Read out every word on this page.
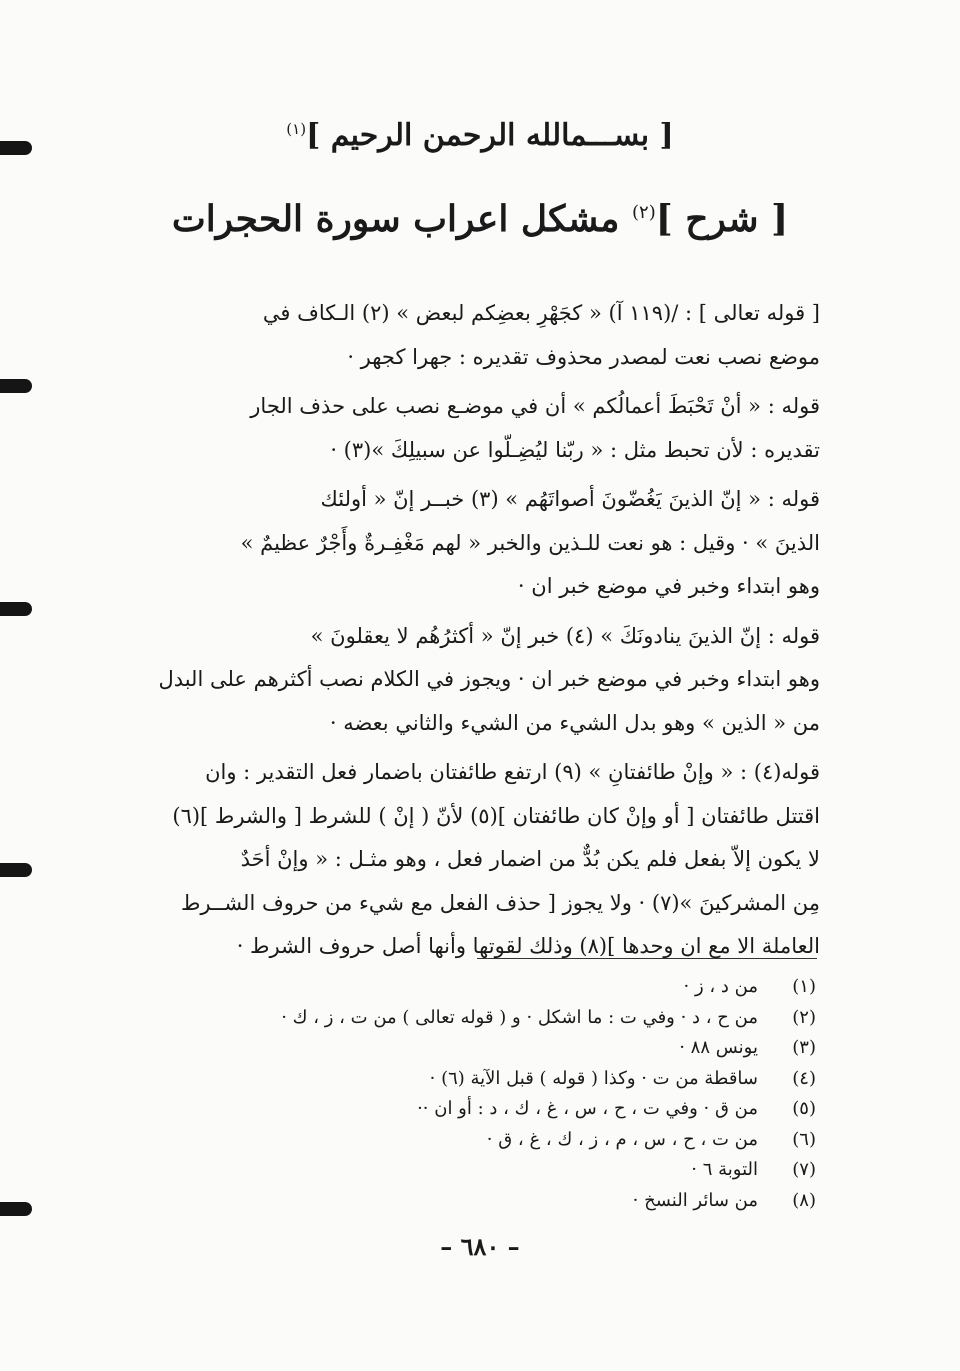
[ بســـمالله الرحمن الرحيم ]$^{(١)}$
[ شرح ]$^{(٢)}$ مشكل اعراب سورة الحجرات
[ قوله تعالى ] : /(١١٩ آ) « كجَهْرِ بعضِكم لبعض » (٢) الـكاف في
موضع نصب نعت لمصدر محذوف تقديره : جهرا كجهر ·
قوله : « أنْ تَحْبَطَ أعمالُكم » أن في موضـع نصب على حذف الجار
تقديره : لأن تحبط مثل : « ربّنا ليُضِـلّوا عن سبيلِكَ »(٣) ·
قوله : « إنّ الذينَ يَغُضّونَ أصواتَهُم » (٣) خبــر إنّ « أولئك
الذينَ » · وقيل : هو نعت للـذين والخبر « لهم مَغْفِـرةٌ وأَجْرٌ عظيمٌ »
وهو ابتداء وخبر في موضع خبر ان ·
قوله : إنّ الذينَ ينادونَكَ » (٤) خبر إنّ « أكثرُهُم لا يعقلونَ »
وهو ابتداء وخبر في موضع خبر ان · ويجوز في الكلام نصب أكثرهم على البدل
من « الذين » وهو بدل الشيء من الشيء والثاني بعضه ·
قوله(٤) : « وإنْ طائفتانِ » (٩) ارتفع طائفتان باضمار فعل التقدير : وان
اقتتل طائفتان [ أو وإنْ كان طائفتان ](٥) لأنّ ( إنْ ) للشرط [ والشرط ](٦)
لا يكون إلاّ بفعل فلم يكن بُدٌّ من اضمار فعل ، وهو مثـل : « وإنْ أحَدٌ
مِن المشركينَ »(٧) · ولا يجوز [ حذف الفعل مع شيء من حروف الشــرط
العاملة الا مع ان وحدها ](٨) وذلك لقوتها وأنها أصل حروف الشرط ·
(١)
من د ، ز ·
(٢)
من ح ، د · وفي ت : ما اشكل · و ( قوله تعالى ) من ت ، ز ، ك ·
(٣)
يونس ٨٨ ·
(٤)
ساقطة من ت · وكذا ( قوله ) قبل الآية (٦) ·
(٥)
من ق · وفي ت ، ح ، س ، غ ، ك ، د : أو ان ··
(٦)
من ت ، ح ، س ، م ، ز ، ك ، غ ، ق ·
(٧)
التوبة ٦ ·
(٨)
من سائر النسخ ·
– ٦٨٠ –
